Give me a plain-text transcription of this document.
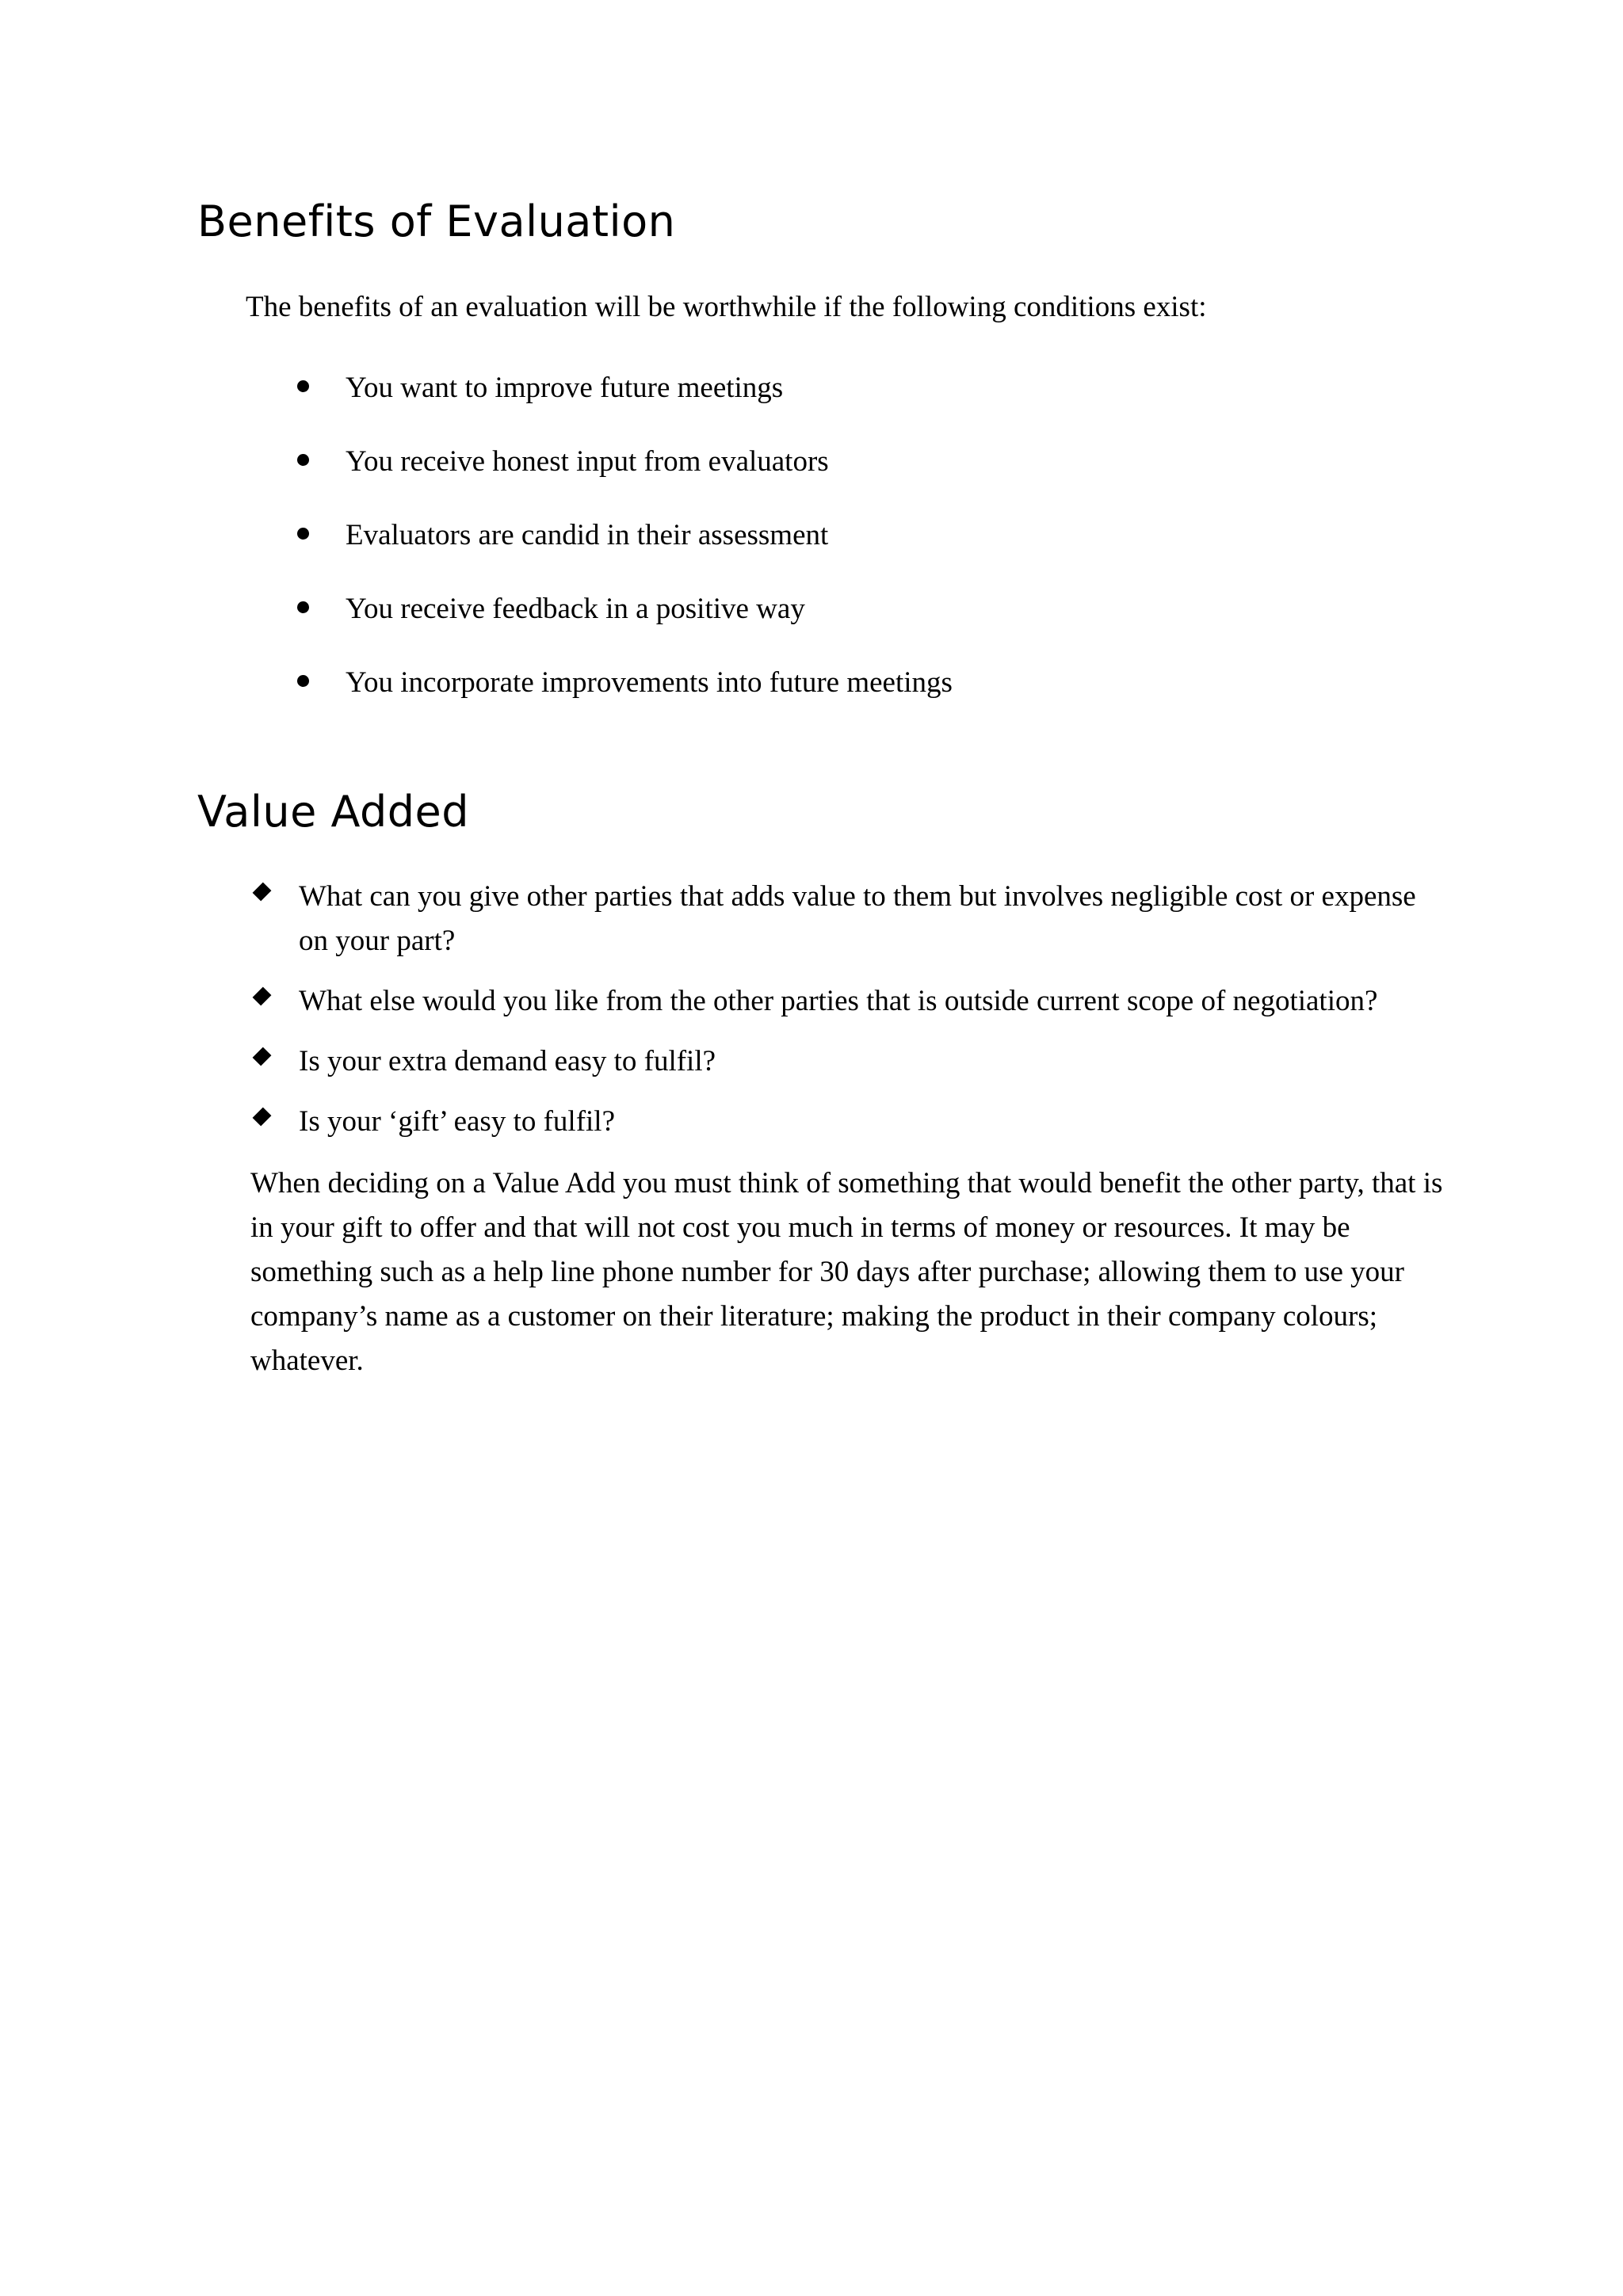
Benefits of Evaluation

The benefits of an evaluation will be worthwhile if the following conditions exist:

You want to improve future meetings
You receive honest input from evaluators
Evaluators are candid in their assessment
You receive feedback in a positive way
You incorporate improvements into future meetings
Value Added
What can you give other parties that adds value to them but involves negligible cost or expense on your part?
What else would you like from the other parties that is outside current scope of negotiation?
Is your extra demand easy to fulfil?
Is your ‘gift’ easy to fulfil?

When deciding on a Value Add you must think of something that would benefit the other party, that is in your gift to offer and that will not cost you much in terms of money or resources. It may be something such as a help line phone number for 30 days after purchase; allowing them to use your company’s name as a customer on their literature; making the product in their company colours; whatever.
